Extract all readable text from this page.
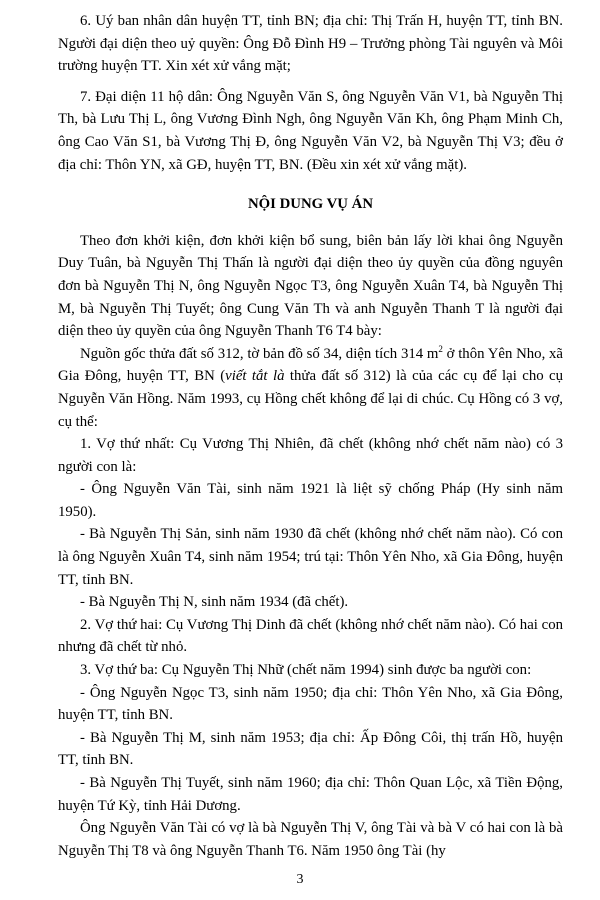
6. Uý ban nhân dân huyện TT, tỉnh BN; địa chỉ: Thị Trấn H, huyện TT, tỉnh BN. Người đại diện theo uỷ quyền: Ông Đỗ Đình H9 – Trưởng phòng Tài nguyên và Môi trường huyện TT. Xin xét xử vắng mặt;

7. Đại diện 11 hộ dân: Ông Nguyễn Văn S, ông Nguyễn Văn V1, bà Nguyễn Thị Th, bà Lưu Thị L, ông Vương Đình Ngh, ông Nguyễn Văn Kh, ông Phạm Minh Ch, ông Cao Văn S1, bà Vương Thị Đ, ông Nguyễn Văn V2, bà Nguyễn Thị V3; đều ở địa chỉ: Thôn YN, xã GĐ, huyện TT, BN. (Đều xin xét xử vắng mặt).

NỘI DUNG VỤ ÁN

Theo đơn khởi kiện, đơn khởi kiện bổ sung, biên bản lấy lời khai ông Nguyễn Duy Tuân, bà Nguyễn Thị Thấn là người đại diện theo ủy quyền của đồng nguyên đơn bà Nguyễn Thị N, ông Nguyễn Ngọc T3, ông Nguyễn Xuân T4, bà Nguyễn Thị M, bà Nguyễn Thị Tuyết; ông Cung Văn Th và anh Nguyễn Thanh T là người đại diện theo ủy quyền của ông Nguyễn Thanh T6 T4 bày:

Nguồn gốc thửa đất số 312, tờ bản đồ số 34, diện tích 314 $m^2$ ở thôn Yên Nho, xã Gia Đông, huyện TT, BN (viết tắt là thửa đất số 312) là của các cụ để lại cho cụ Nguyễn Văn Hồng. Năm 1993, cụ Hồng chết không để lại di chúc. Cụ Hồng có 3 vợ, cụ thể:

1. Vợ thứ nhất: Cụ Vương Thị Nhiên, đã chết (không nhớ chết năm nào) có 3 người con là:

- Ông Nguyễn Văn Tài, sinh năm 1921 là liệt sỹ chống Pháp (Hy sinh năm 1950).

- Bà Nguyễn Thị Sản, sinh năm 1930 đã chết (không nhớ chết năm nào). Có con là ông Nguyễn Xuân T4, sinh năm 1954; trú tại: Thôn Yên Nho, xã Gia Đông, huyện TT, tỉnh BN.

- Bà Nguyễn Thị N, sinh năm 1934 (đã chết).

2. Vợ thứ hai: Cụ Vương Thị Dinh đã chết (không nhớ chết năm nào). Có hai con nhưng đã chết từ nhỏ.

3. Vợ thứ ba: Cụ Nguyễn Thị Nhữ (chết năm 1994) sinh được ba người con:

- Ông Nguyễn Ngọc T3, sinh năm 1950; địa chỉ: Thôn Yên Nho, xã Gia Đông, huyện TT, tỉnh BN.

- Bà Nguyễn Thị M, sinh năm 1953; địa chỉ: Ấp Đông Côi, thị trấn Hồ, huyện TT, tỉnh BN.

- Bà Nguyễn Thị Tuyết, sinh năm 1960; địa chỉ: Thôn Quan Lộc, xã Tiền Động, huyện Tứ Kỳ, tỉnh Hải Dương.

Ông Nguyễn Văn Tài có vợ là bà Nguyễn Thị V, ông Tài và bà V có hai con là bà Nguyễn Thị T8 và ông Nguyễn Thanh T6. Năm 1950 ông Tài (hy

3
